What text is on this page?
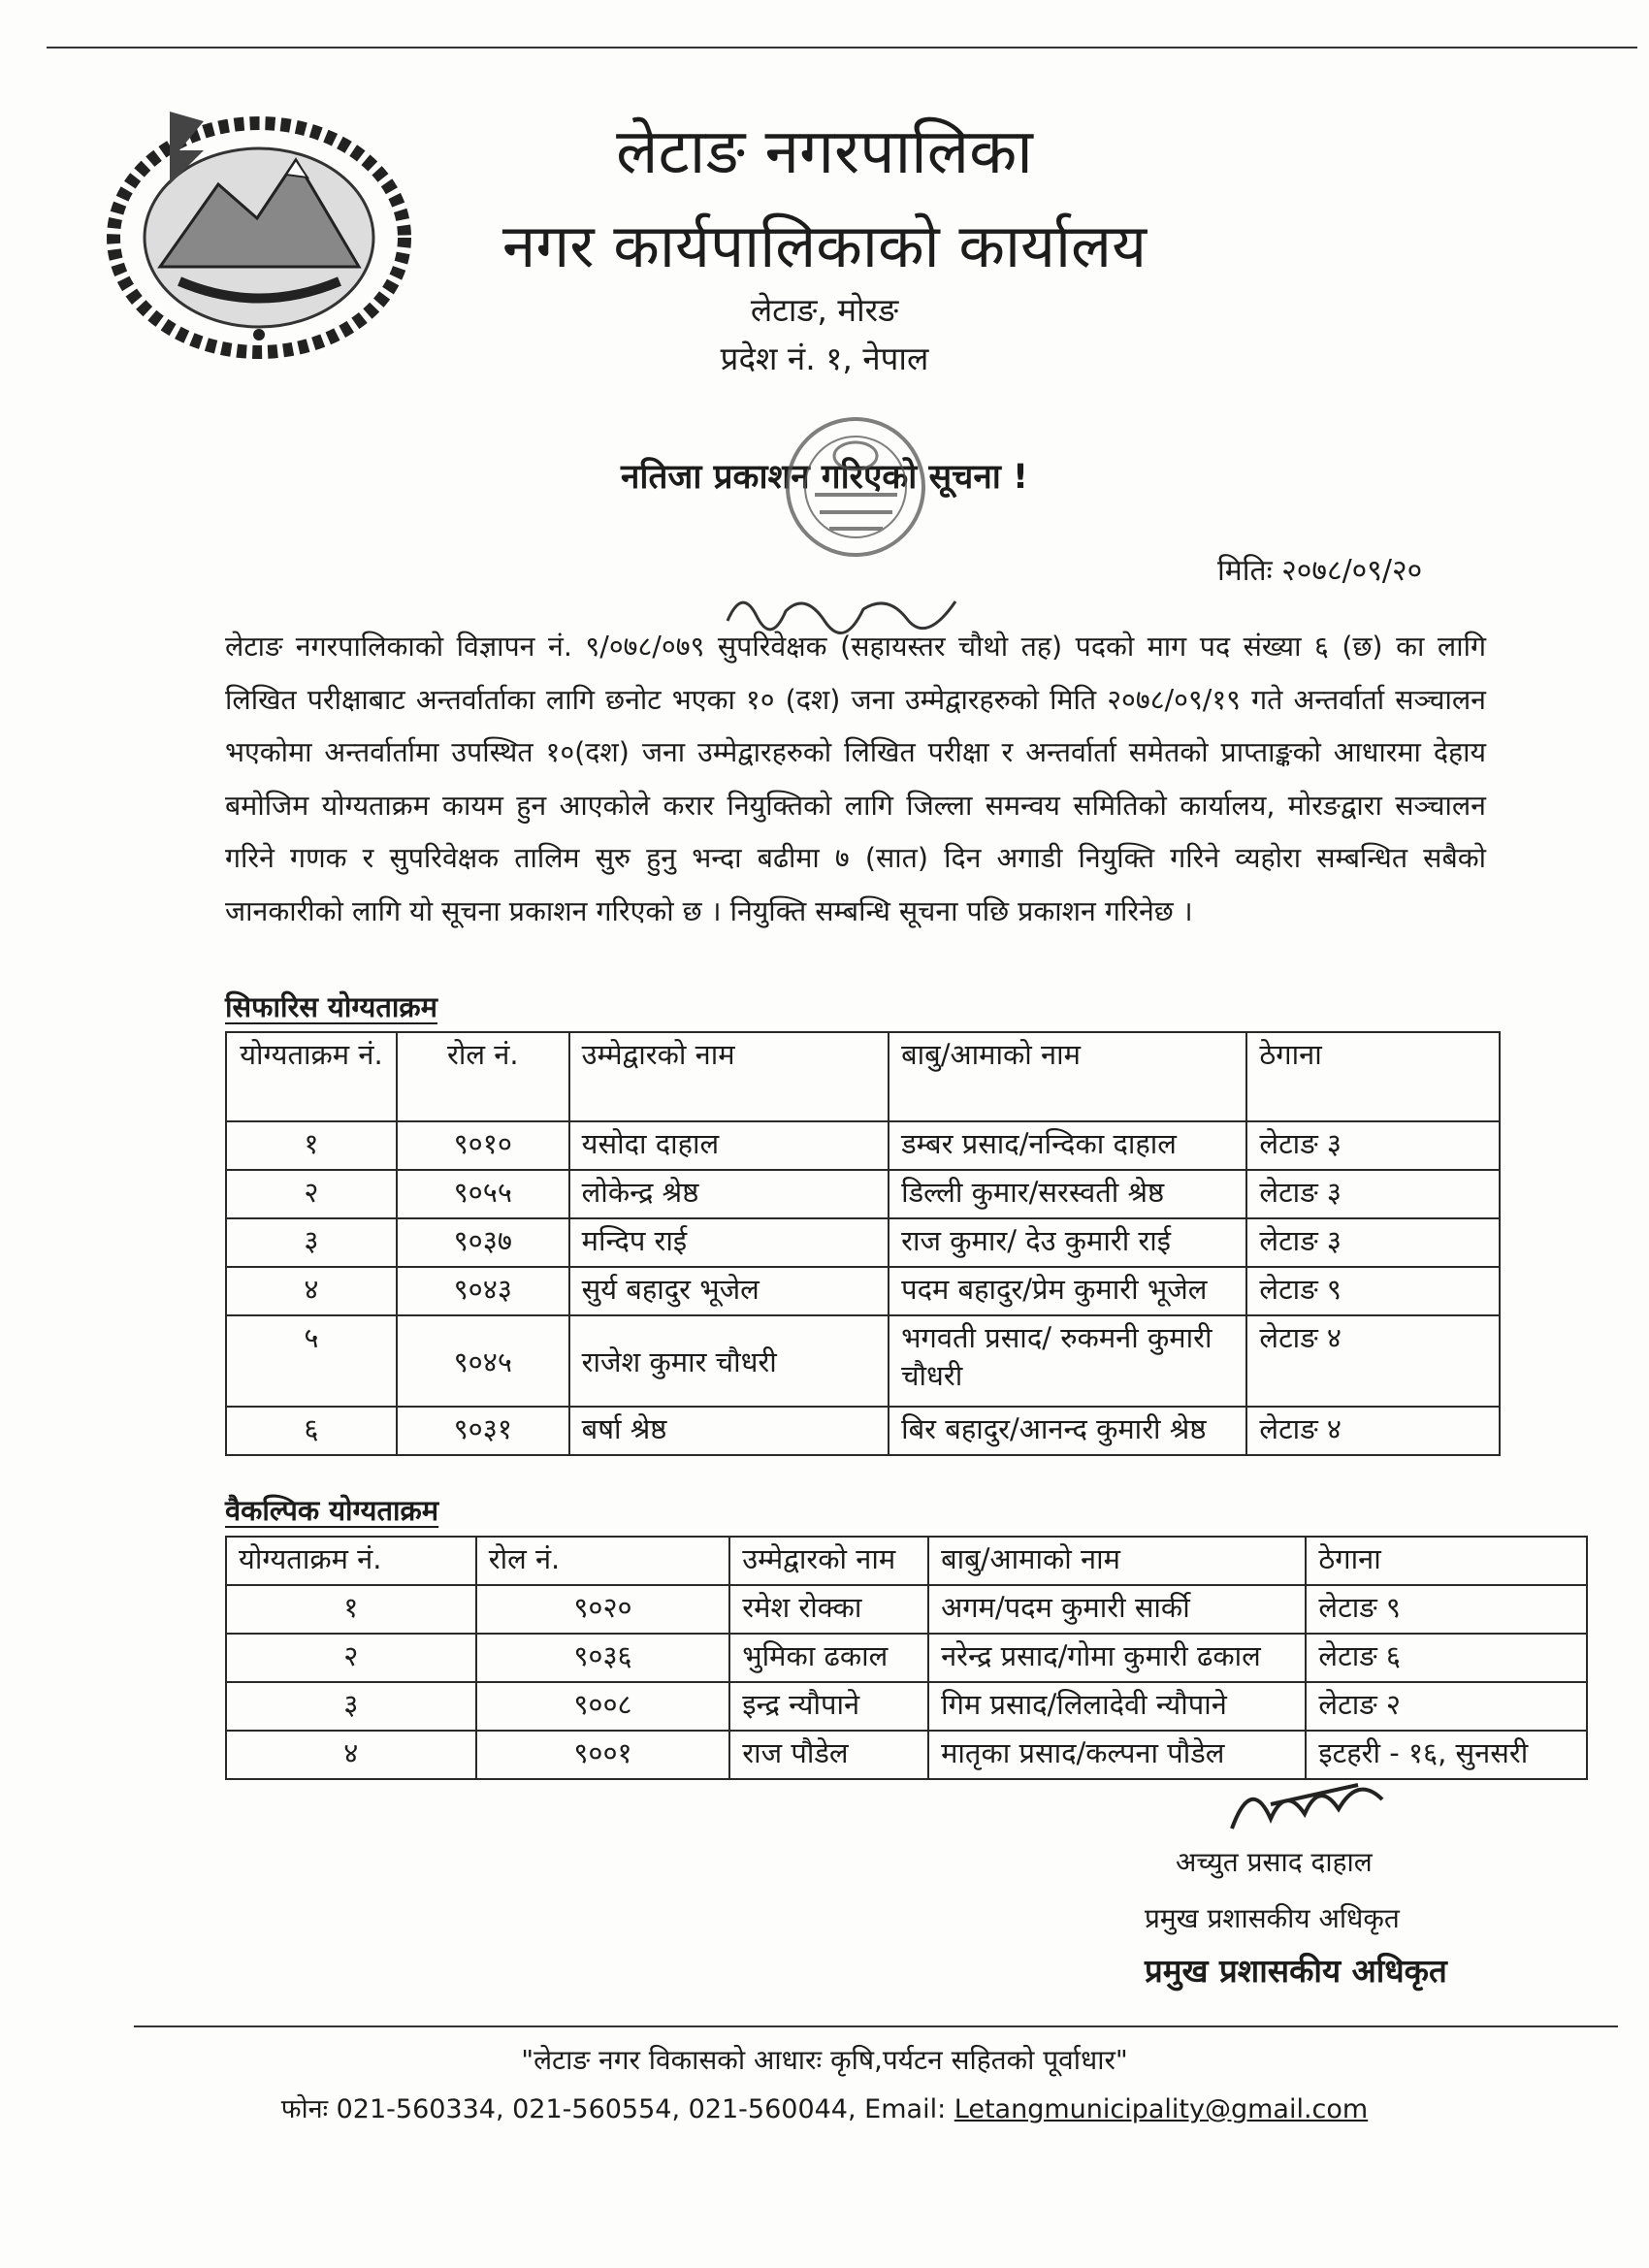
लेटाङ नगरपालिका
नगर कार्यपालिकाको कार्यालय
लेटाङ, मोरङ
प्रदेश नं. १, नेपाल
नतिजा प्रकाशन गरिएको सूचना !
मितिः २०७८/०९/२०
लेटाङ नगरपालिकाको विज्ञापन नं. ९/०७८/०७९ सुपरिवेक्षक (सहायस्तर चौथो तह) पदको माग पद संख्या ६ (छ) का लागि लिखित परीक्षाबाट अन्तर्वार्ताका लागि छनोट भएका १० (दश) जना उम्मेद्वारहरुको मिति २०७८/०९/१९ गते अन्तर्वार्ता सञ्चालन भएकोमा अन्तर्वार्तामा उपस्थित १०(दश) जना उम्मेद्वारहरुको लिखित परीक्षा र अन्तर्वार्ता समेतको प्राप्ताङ्कको आधारमा देहाय बमोजिम योग्यताक्रम कायम हुन आएकोले करार नियुक्तिको लागि जिल्ला समन्वय समितिको कार्यालय, मोरङद्वारा सञ्चालन गरिने गणक र सुपरिवेक्षक तालिम सुरु हुनु भन्दा बढीमा ७ (सात) दिन अगाडी नियुक्ति गरिने व्यहोरा सम्बन्धित सबैको जानकारीको लागि यो सूचना प्रकाशन गरिएको छ । नियुक्ति सम्बन्धि सूचना पछि प्रकाशन गरिनेछ ।
सिफारिस योग्यताक्रम
योग्यताक्रम नं.	रोल नं.	उम्मेद्वारको नाम	बाबु/आमाको नाम	ठेगाना
१	९०१०	यसोदा दाहाल	डम्बर प्रसाद/नन्दिका दाहाल	लेटाङ ३
२	९०५५	लोकेन्द्र श्रेष्ठ	डिल्ली कुमार/सरस्वती श्रेष्ठ	लेटाङ ३
३	९०३७	मन्दिप राई	राज कुमार/ देउ कुमारी राई	लेटाङ ३
४	९०४३	सुर्य बहादुर भूजेल	पदम बहादुर/प्रेम कुमारी भूजेल	लेटाङ ९
५	९०४५	राजेश कुमार चौधरी	भगवती प्रसाद/ रुकमनी कुमारी चौधरी	लेटाङ ४
६	९०३१	बर्षा श्रेष्ठ	बिर बहादुर/आनन्द कुमारी श्रेष्ठ	लेटाङ ४
वैकल्पिक योग्यताक्रम
योग्यताक्रम नं.	रोल नं.	उम्मेद्वारको नाम	बाबु/आमाको नाम	ठेगाना
१	९०२०	रमेश रोक्का	अगम/पदम कुमारी सार्की	लेटाङ ९
२	९०३६	भुमिका ढकाल	नरेन्द्र प्रसाद/गोमा कुमारी ढकाल	लेटाङ ६
३	९००८	इन्द्र न्यौपाने	गिम प्रसाद/लिलादेवी न्यौपाने	लेटाङ २
४	९००१	राज पौडेल	मातृका प्रसाद/कल्पना पौडेल	इटहरी - १६, सुनसरी
अच्युत प्रसाद दाहाल
प्रमुख प्रशासकीय अधिकृत
प्रमुख प्रशासकीय अधिकृत
"लेटाङ नगर विकासको आधारः कृषि,पर्यटन सहितको पूर्वाधार"
फोनः 021-560334, 021-560554, 021-560044, Email: Letangmunicipality@gmail.com
